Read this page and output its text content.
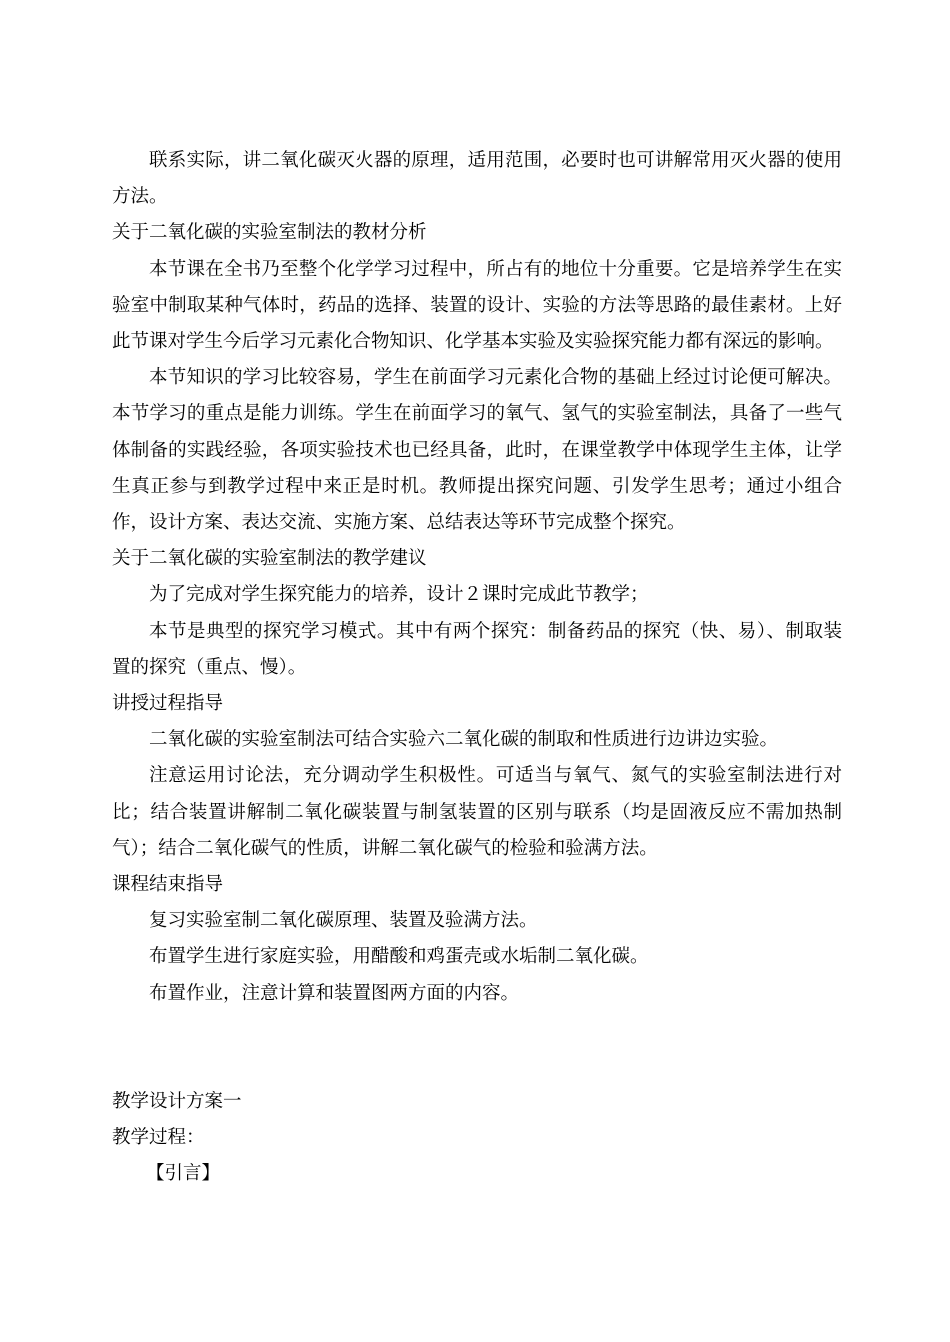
联系实际，讲二氧化碳灭火器的原理，适用范围，必要时也可讲解常用灭火器的使用方法。

关于二氧化碳的实验室制法的教材分析

本节课在全书乃至整个化学学习过程中，所占有的地位十分重要。它是培养学生在实验室中制取某种气体时，药品的选择、装置的设计、实验的方法等思路的最佳素材。上好此节课对学生今后学习元素化合物知识、化学基本实验及实验探究能力都有深远的影响。

本节知识的学习比较容易，学生在前面学习元素化合物的基础上经过讨论便可解决。本节学习的重点是能力训练。学生在前面学习的氧气、氢气的实验室制法，具备了一些气体制备的实践经验，各项实验技术也已经具备，此时，在课堂教学中体现学生主体，让学生真正参与到教学过程中来正是时机。教师提出探究问题、引发学生思考；通过小组合作，设计方案、表达交流、实施方案、总结表达等环节完成整个探究。

关于二氧化碳的实验室制法的教学建议

为了完成对学生探究能力的培养，设计２课时完成此节教学；

本节是典型的探究学习模式。其中有两个探究：制备药品的探究（快、易）、制取装置的探究（重点、慢）。

讲授过程指导

二氧化碳的实验室制法可结合实验六二氧化碳的制取和性质进行边讲边实验。

注意运用讨论法，充分调动学生积极性。可适当与氧气、氮气的实验室制法进行对比；结合装置讲解制二氧化碳装置与制氢装置的区别与联系（均是固液反应不需加热制气）；结合二氧化碳气的性质，讲解二氧化碳气的检验和验满方法。

课程结束指导

复习实验室制二氧化碳原理、装置及验满方法。

布置学生进行家庭实验，用醋酸和鸡蛋壳或水垢制二氧化碳。

布置作业，注意计算和装置图两方面的内容。

教学设计方案一

教学过程：

【引言】
